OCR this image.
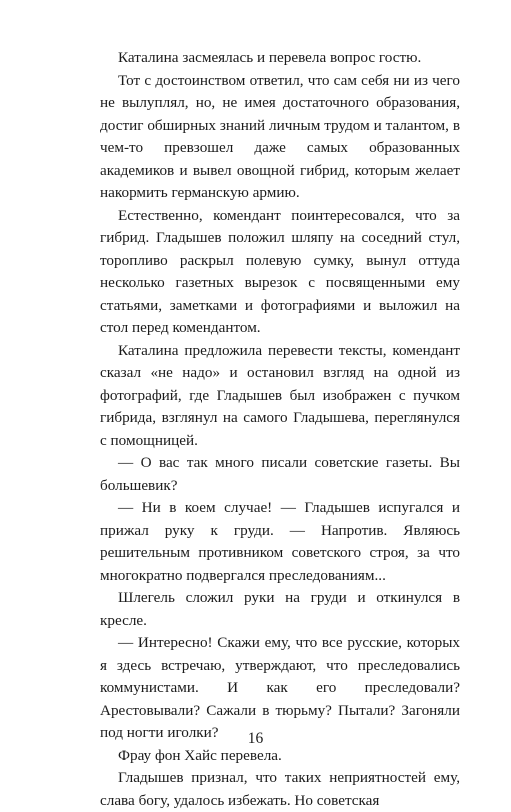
Каталина засмеялась и перевела вопрос гостю.

Тот с достоинством ответил, что сам себя ни из чего не вылуплял, но, не имея достаточного образования, достиг обширных знаний личным трудом и талантом, в чем-то превзошел даже самых образованных академиков и вывел овощной гибрид, которым желает накормить германскую армию.

Естественно, комендант поинтересовался, что за гибрид. Гладышев положил шляпу на соседний стул, торопливо раскрыл полевую сумку, вынул оттуда несколько газетных вырезок с посвященными ему статьями, заметками и фотографиями и выложил на стол перед комендантом.

Каталина предложила перевести тексты, комендант сказал «не надо» и остановил взгляд на одной из фотографий, где Гладышев был изображен с пучком гибрида, взглянул на самого Гладышева, переглянулся с помощницей.

— О вас так много писали советские газеты. Вы большевик?

— Ни в коем случае! — Гладышев испугался и прижал руку к груди. — Напротив. Являюсь решительным противником советского строя, за что многократно подвергался преследованиям...

Шлегель сложил руки на груди и откинулся в кресле.

— Интересно! Скажи ему, что все русские, которых я здесь встречаю, утверждают, что преследовались коммунистами. И как его преследовали? Арестовывали? Сажали в тюрьму? Пытали? Загоняли под ногти иголки?

Фрау фон Хайс перевела.

Гладышев признал, что таких неприятностей ему, слава богу, удалось избежать. Но советская

16
